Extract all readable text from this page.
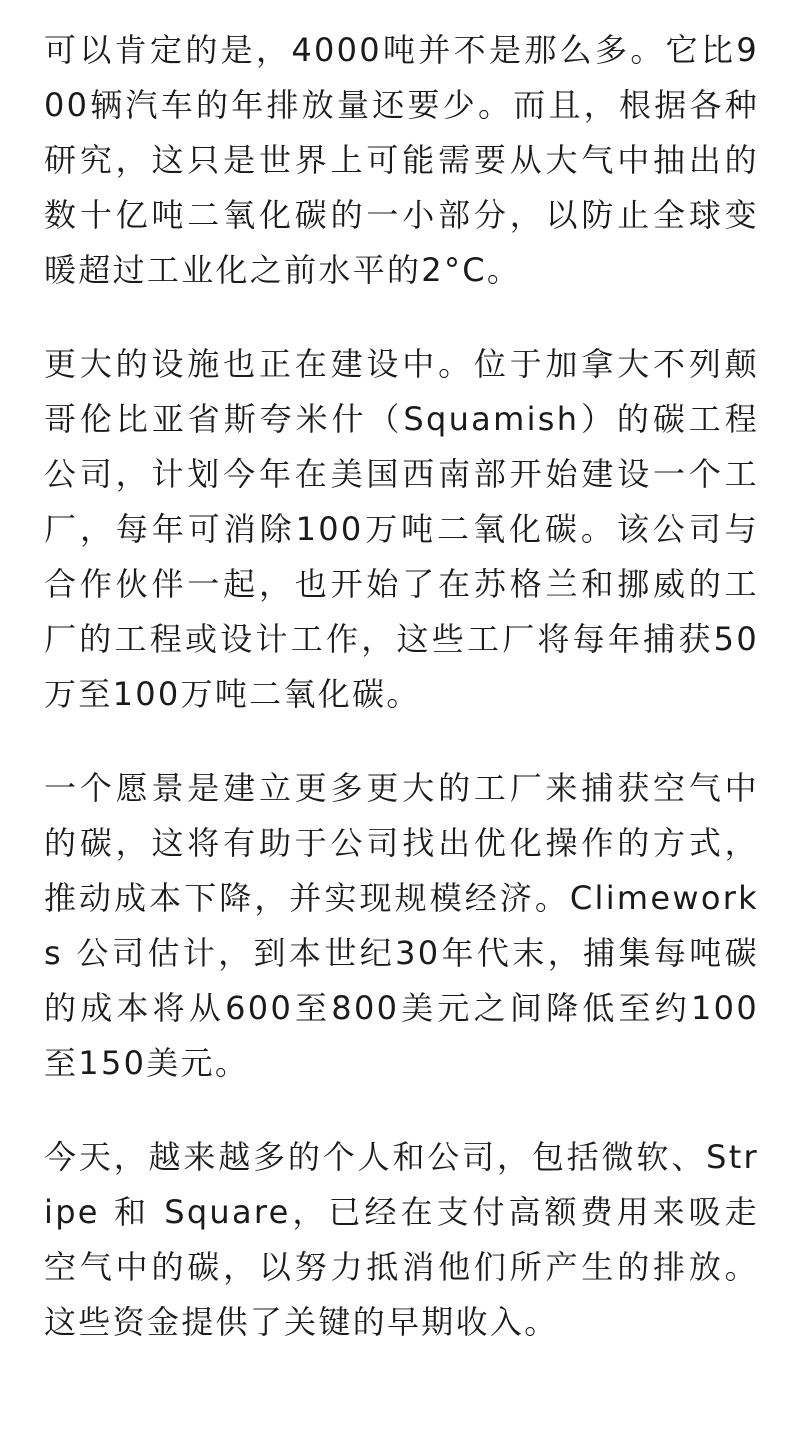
可以肯定的是，4000吨并不是那么多。它比900辆汽车的年排放量还要少。而且，根据各种研究，这只是世界上可能需要从大气中抽出的数十亿吨二氧化碳的一小部分，以防止全球变暖超过工业化之前水平的2°C。

更大的设施也正在建设中。位于加拿大不列颠哥伦比亚省斯夸米什（Squamish）的碳工程公司，计划今年在美国西南部开始建设一个工厂，每年可消除100万吨二氧化碳。该公司与合作伙伴一起，也开始了在苏格兰和挪威的工厂的工程或设计工作，这些工厂将每年捕获50万至100万吨二氧化碳。

一个愿景是建立更多更大的工厂来捕获空气中的碳，这将有助于公司找出优化操作的方式，推动成本下降，并实现规模经济。Climeworks 公司估计，到本世纪30年代末，捕集每吨碳的成本将从600至800美元之间降低至约100至150美元。

今天，越来越多的个人和公司，包括微软、Stripe 和 Square，已经在支付高额费用来吸走空气中的碳，以努力抵消他们所产生的排放。这些资金提供了关键的早期收入。
